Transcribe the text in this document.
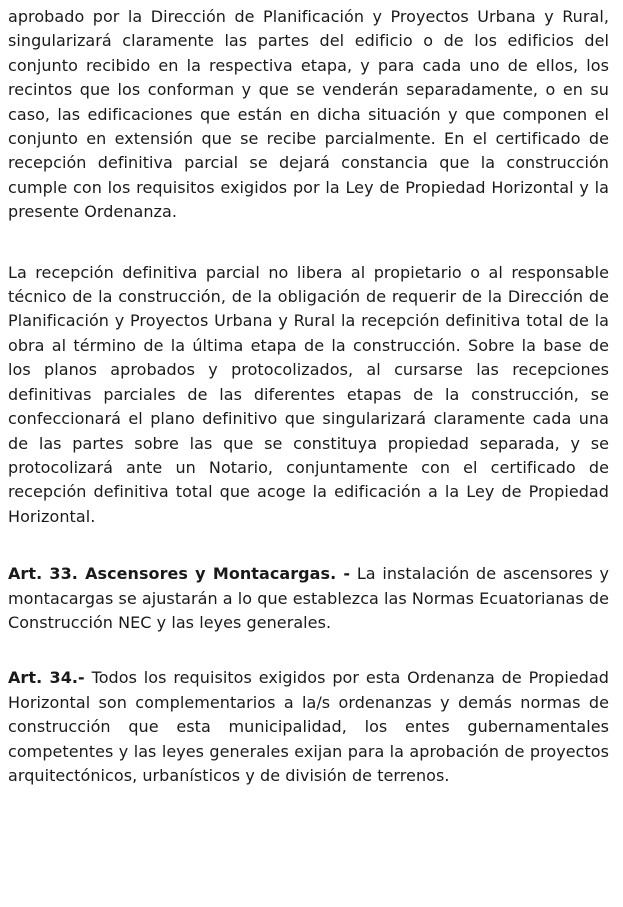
aprobado por la Dirección de Planificación y Proyectos Urbana y Rural, singularizará claramente las partes del edificio o de los edificios del conjunto recibido en la respectiva etapa, y para cada uno de ellos, los recintos que los conforman y que se venderán separadamente, o en su caso, las edificaciones que están en dicha situación y que componen el conjunto en extensión que se recibe parcialmente. En el certificado de recepción definitiva parcial se dejará constancia que la construcción cumple con los requisitos exigidos por la Ley de Propiedad Horizontal y la presente Ordenanza.

La recepción definitiva parcial no libera al propietario o al responsable técnico de la construcción, de la obligación de requerir de la Dirección de Planificación y Proyectos Urbana y Rural la recepción definitiva total de la obra al término de la última etapa de la construcción. Sobre la base de los planos aprobados y protocolizados, al cursarse las recepciones definitivas parciales de las diferentes etapas de la construcción, se confeccionará el plano definitivo que singularizará claramente cada una de las partes sobre las que se constituya propiedad separada, y se protocolizará ante un Notario, conjuntamente con el certificado de recepción definitiva total que acoge la edificación a la Ley de Propiedad Horizontal.

Art. 33. Ascensores y Montacargas. - La instalación de ascensores y montacargas se ajustarán a lo que establezca las Normas Ecuatorianas de Construcción NEC y las leyes generales.

Art. 34.- Todos los requisitos exigidos por esta Ordenanza de Propiedad Horizontal son complementarios a la/s ordenanzas y demás normas de construcción que esta municipalidad, los entes gubernamentales competentes y las leyes generales exijan para la aprobación de proyectos arquitectónicos, urbanísticos y de división de terrenos.
